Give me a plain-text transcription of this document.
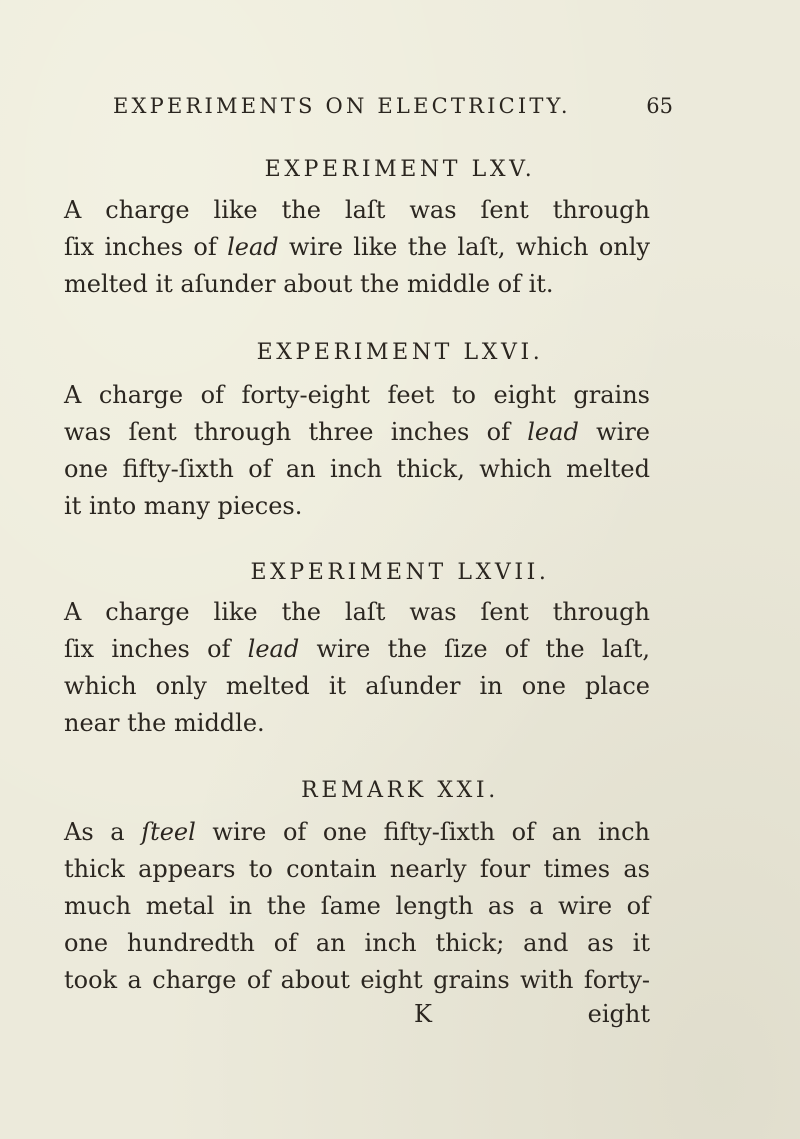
EXPERIMENTS ON ELECTRICITY.	65
EXPERIMENT LXV.
A charge like the laſt was ſent through
ſix inches of lead wire like the laſt, which only
melted it aſunder about the middle of it.
EXPERIMENT LXVI.
A charge of forty-eight feet to eight grains
was ſent through three inches of lead wire
one fifty-ſixth of an inch thick, which melted
it into many pieces.
EXPERIMENT LXVII.
A charge like the laſt was ſent through
ſix inches of lead wire the ſize of the laſt,
which only melted it aſunder in one place
near the middle.
REMARK XXI.
As a ſteel wire of one fifty-ſixth of an inch
thick appears to contain nearly four times as
much metal in the ſame length as a wire of
one hundredth of an inch thick; and as it
took a charge of about eight grains with forty-
K	eight
